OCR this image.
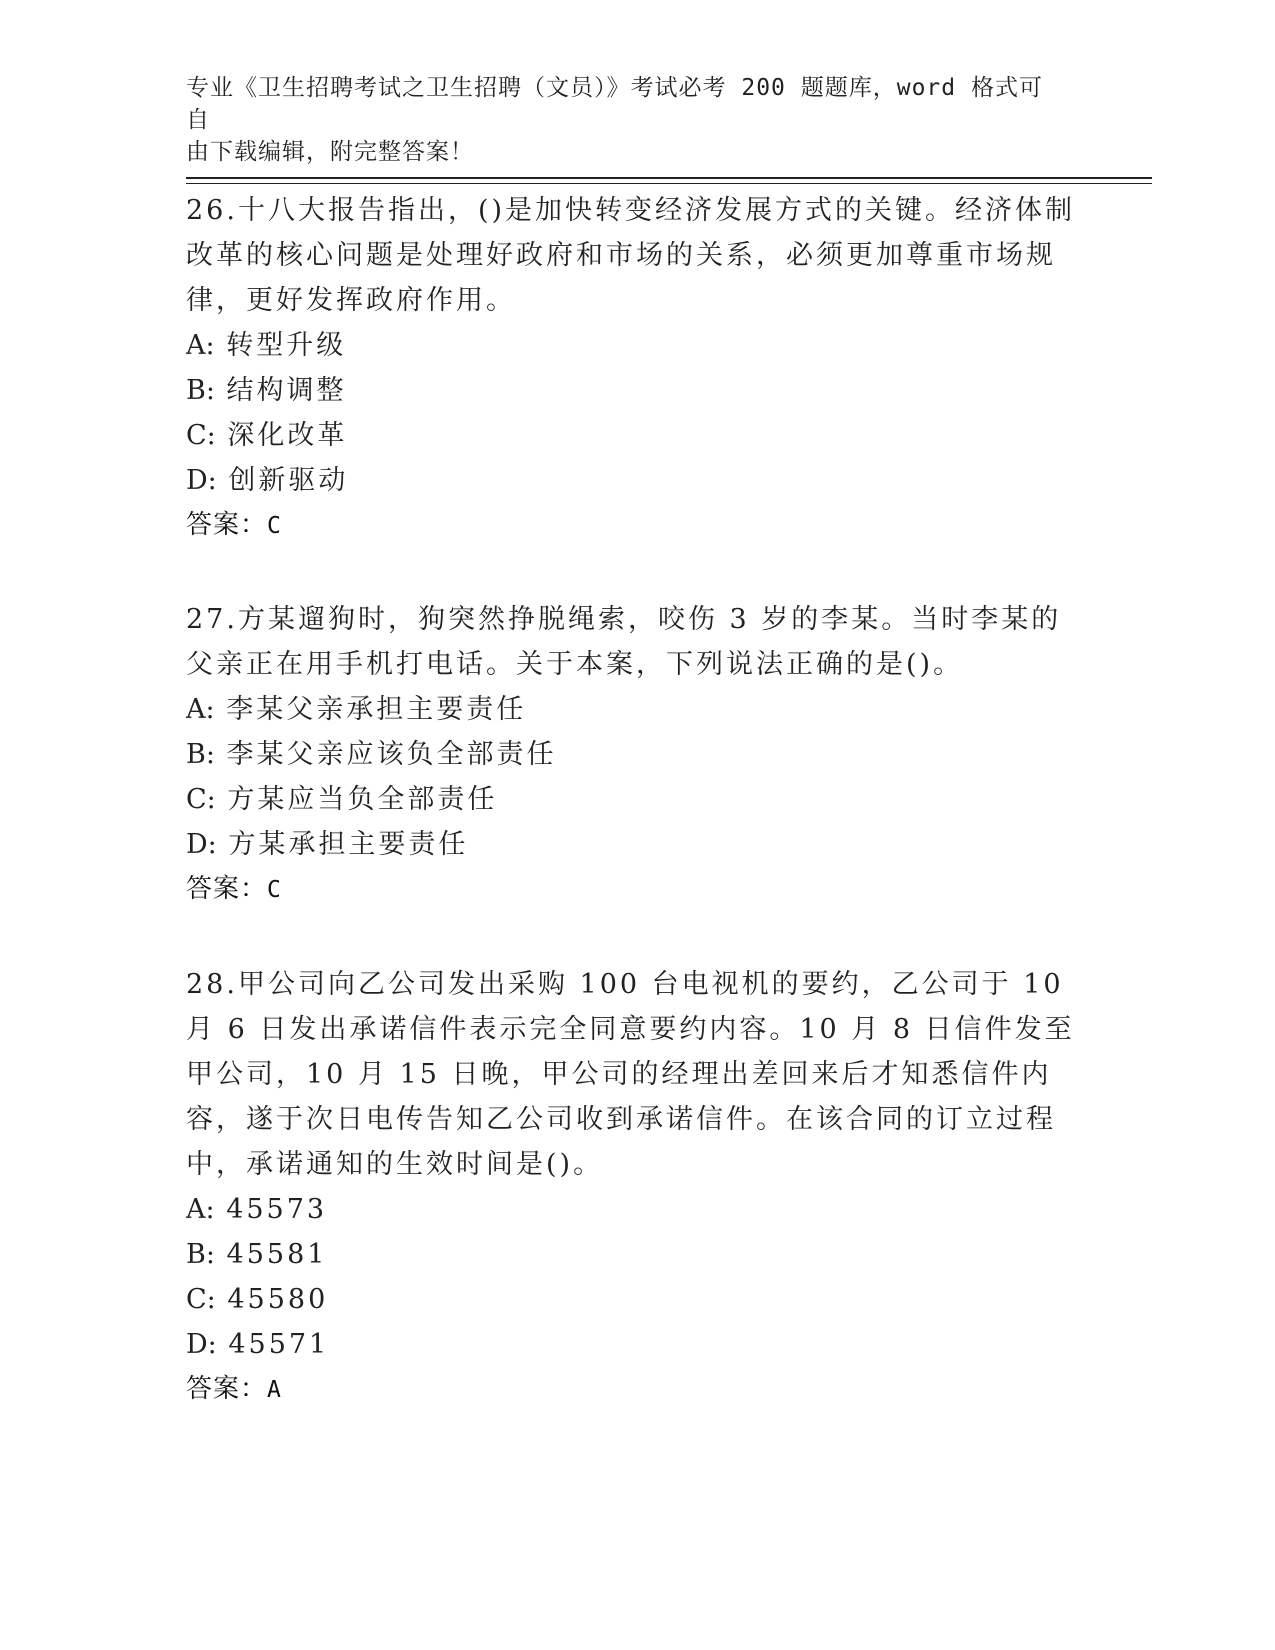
专业《卫生招聘考试之卫生招聘（文员）》考试必考 200 题题库，word 格式可自
由下载编辑，附完整答案！

26.十八大报告指出，()是加快转变经济发展方式的关键。经济体制改革的核心问题是处理好政府和市场的关系，必须更加尊重市场规律，更好发挥政府作用。

A: 转型升级
B: 结构调整
C: 深化改革
D: 创新驱动
答案：C

27.方某遛狗时，狗突然挣脱绳索，咬伤 3 岁的李某。当时李某的父亲正在用手机打电话。关于本案，下列说法正确的是()。

A: 李某父亲承担主要责任
B: 李某父亲应该负全部责任
C: 方某应当负全部责任
D: 方某承担主要责任
答案：C

28.甲公司向乙公司发出采购 100 台电视机的要约，乙公司于 10 月 6 日发出承诺信件表示完全同意要约内容。10 月 8 日信件发至甲公司，10 月 15 日晚，甲公司的经理出差回来后才知悉信件内容，遂于次日电传告知乙公司收到承诺信件。在该合同的订立过程中，承诺通知的生效时间是()。

A: 45573
B: 45581
C: 45580
D: 45571
答案：A
